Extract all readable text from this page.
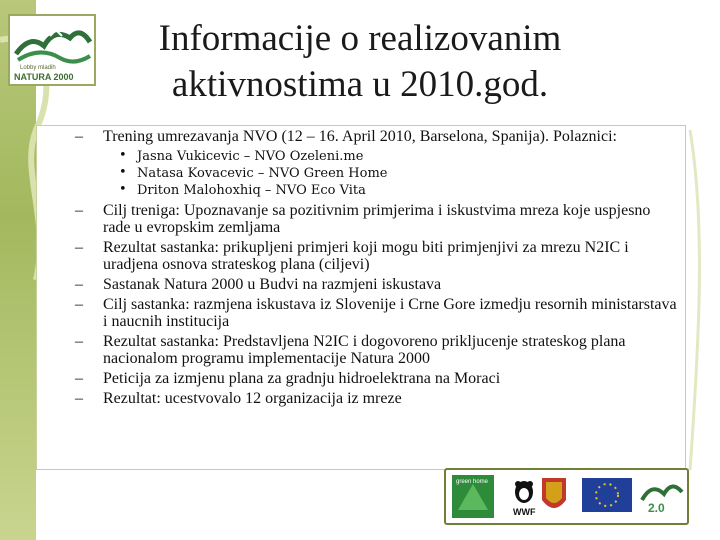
Lobby mladih
NATURA 2000
Informacije o realizovanim
aktivnostima u 2010.god.
– Trening umrezavanja NVO (12 – 16. April 2010, Barselona, Spanija). Polaznici:
• Jasna Vukicevic – NVO Ozeleni.me
• Natasa Kovacevic – NVO Green Home
• Driton Malohoxhiq – NVO Eco Vita
– Cilj treniga: Upoznavanje sa pozitivnim primjerima i iskustvima mreza koje uspjesno rade u evropskim zemljama
– Rezultat sastanka: prikupljeni primjeri koji mogu biti primjenjivi za mrezu N2IC i uradjena osnova strateskog plana (ciljevi)
– Sastanak Natura 2000 u Budvi na razmjeni iskustava
– Cilj sastanka: razmjena iskustava iz Slovenije i Crne Gore izmedju resornih ministarstava i naucnih institucija
– Rezultat sastanka: Predstavljena N2IC i dogovoreno prikljucenje strateskog plana nacionalom programu implementacije Natura 2000
– Peticija za izmjenu plana za gradnju hidroelektrana na Moraci
– Rezultat: ucestvovalo 12 organizacija iz mreze
green home
WWF	2.0
